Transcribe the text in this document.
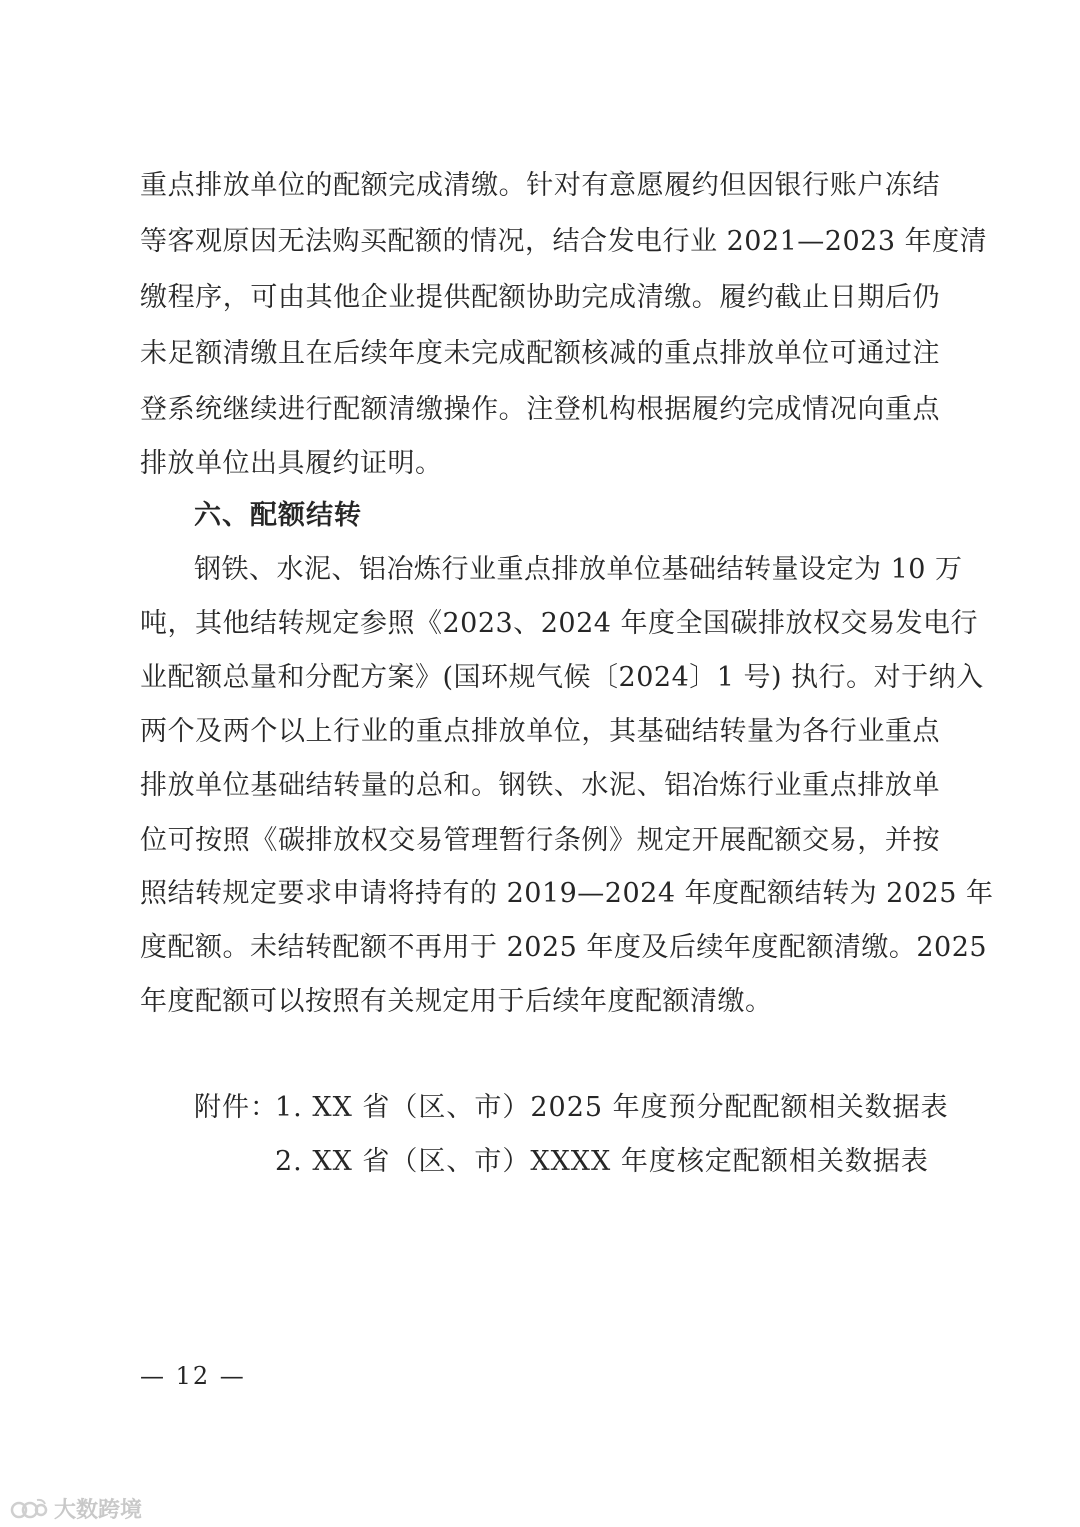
重点排放单位的配额完成清缴。针对有意愿履约但因银行账户冻结
等客观原因无法购买配额的情况，结合发电行业 2021—2023 年度清
缴程序，可由其他企业提供配额协助完成清缴。履约截止日期后仍
未足额清缴且在后续年度未完成配额核减的重点排放单位可通过注
登系统继续进行配额清缴操作。注登机构根据履约完成情况向重点
排放单位出具履约证明。
六、配额结转
钢铁、水泥、铝冶炼行业重点排放单位基础结转量设定为 10 万
吨，其他结转规定参照《2023、2024 年度全国碳排放权交易发电行
业配额总量和分配方案》(国环规气候〔2024〕1 号) 执行。对于纳入
两个及两个以上行业的重点排放单位，其基础结转量为各行业重点
排放单位基础结转量的总和。钢铁、水泥、铝冶炼行业重点排放单
位可按照《碳排放权交易管理暂行条例》规定开展配额交易，并按
照结转规定要求申请将持有的 2019—2024 年度配额结转为 2025 年
度配额。未结转配额不再用于 2025 年度及后续年度配额清缴。2025
年度配额可以按照有关规定用于后续年度配额清缴。
附件：
1. XX 省（区、市）2025 年度预分配配额相关数据表
2. XX 省（区、市）XXXX 年度核定配额相关数据表
— 12 —
大数跨境
